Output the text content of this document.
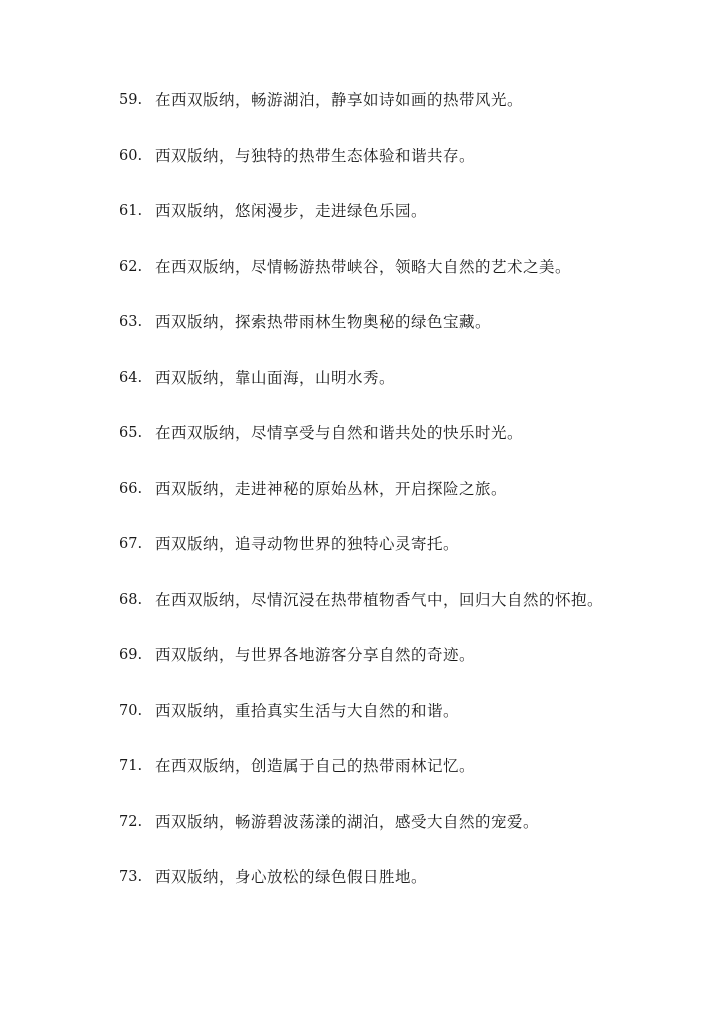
59. 在西双版纳，畅游湖泊，静享如诗如画的热带风光。
60. 西双版纳，与独特的热带生态体验和谐共存。
61. 西双版纳，悠闲漫步，走进绿色乐园。
62. 在西双版纳，尽情畅游热带峡谷，领略大自然的艺术之美。
63. 西双版纳，探索热带雨林生物奥秘的绿色宝藏。
64. 西双版纳，靠山面海，山明水秀。
65. 在西双版纳，尽情享受与自然和谐共处的快乐时光。
66. 西双版纳，走进神秘的原始丛林，开启探险之旅。
67. 西双版纳，追寻动物世界的独特心灵寄托。
68. 在西双版纳，尽情沉浸在热带植物香气中，回归大自然的怀抱。
69. 西双版纳，与世界各地游客分享自然的奇迹。
70. 西双版纳，重拾真实生活与大自然的和谐。
71. 在西双版纳，创造属于自己的热带雨林记忆。
72. 西双版纳，畅游碧波荡漾的湖泊，感受大自然的宠爱。
73. 西双版纳，身心放松的绿色假日胜地。
